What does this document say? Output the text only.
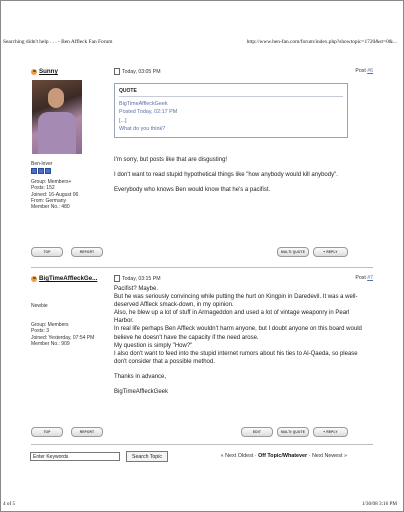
Searching didn't help . . . - Ben Affleck Fan Forum	http://www.ben-fan.com/forum/index.php?showtopic=1720&st=0&...
Sunny	Today, 03:05 PM	Post #6
Ben-lover
Group: Members+
Posts: 152
Joined: 16-August 06
From: Germany
Member No.: 480
QUOTE
BigTimeAffleckGeek
Posted Today, 02:17 PM
[...]
What do you think?

I'm sorry, but posts like that are disgusting!

I don't want to read stupid hypothetical things like "how anybody would kill anybody".

Everybody who knows Ben would know that he's a pacifist.

TOP	REPORT	MULTI·QUOTE	❝ REPLY
BigTimeAffleckGe...	Today, 03:15 PM	Post #7
Newbie
Group: Members
Posts: 3
Joined: Yesterday, 07:54 PM
Member No.: 909

Pacifist? Maybe.

But he was seriously convincing while putting the hurt on Kingpin in Daredevil. It was a well-deserved Affleck smack-down, in my opinion.

Also, he blew up a lot of stuff in Armageddon and used a lot of vintage weaponry in Pearl Harbor.

In real life perhaps Ben Affleck wouldn't harm anyone, but I doubt anyone on this board would believe he doesn't have the capacity if the need arose.

My question is simply "How?"

I also don't want to feed into the stupid internet rumors about his ties to Al-Qaeda, so please don't consider that a possible method.

Thanks in advance,

BigTimeAffleckGeek

TOP	REPORT	EDIT	MULTI·QUOTE	❝ REPLY
Enter Keywords
Search Topic	« Next Oldest · Off Topic/Whatever · Next Newest »
4 of 5	1/30/08 3:16 PM
